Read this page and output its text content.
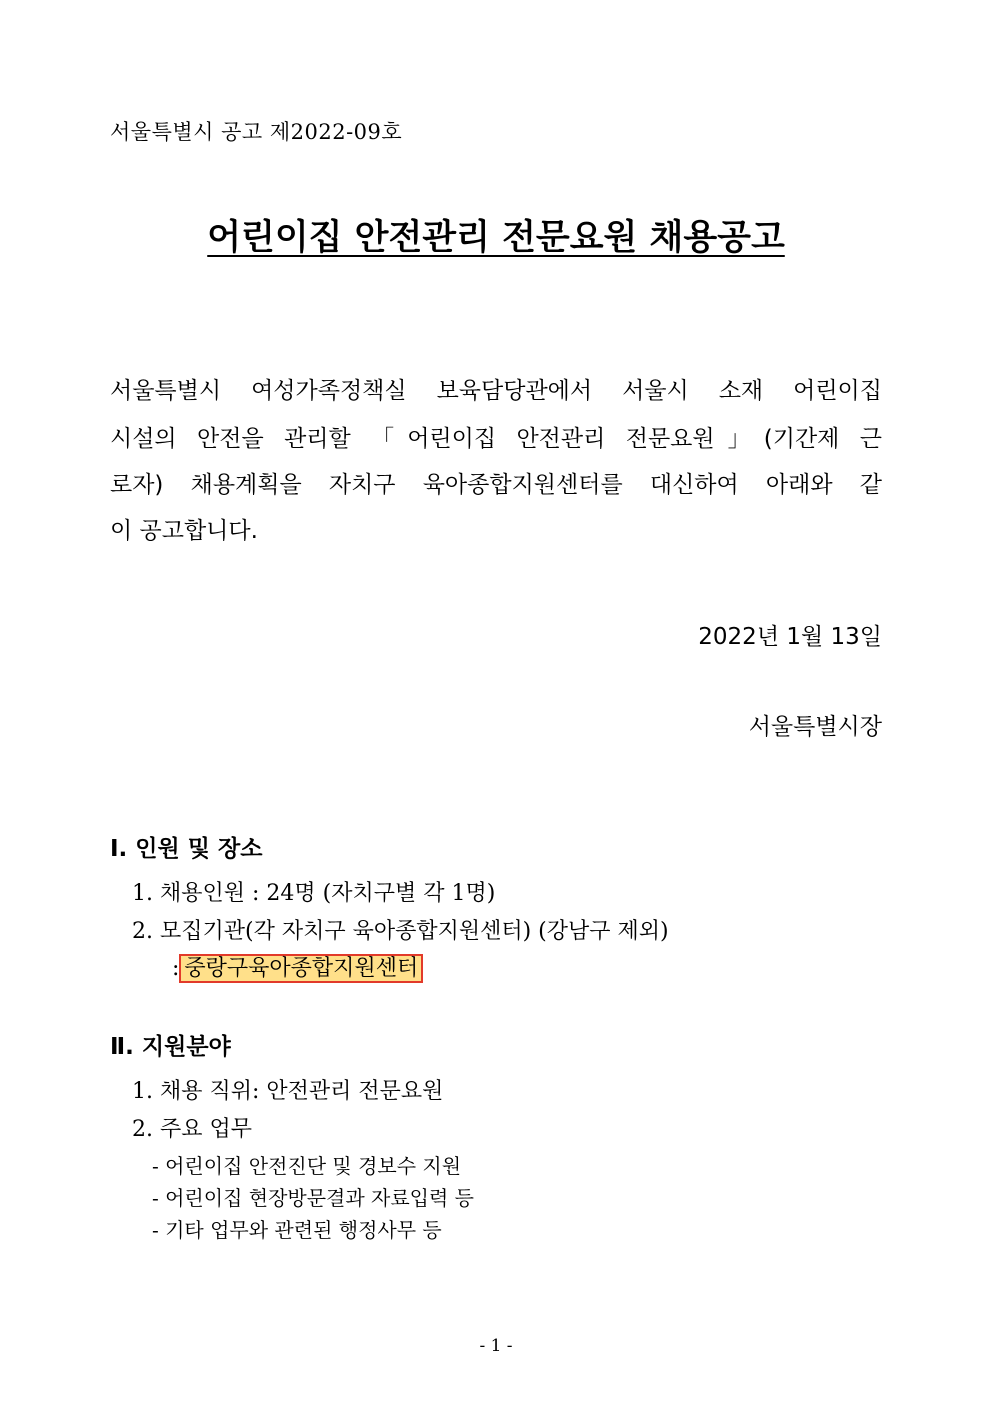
서울특별시 공고 제2022-09호
어린이집 안전관리 전문요원 채용공고
서울특별시 여성가족정책실 보육담당관에서 서울시 소재 어린이집
시설의 안전을 관리할 「어린이집 안전관리 전문요원」(기간제 근
로자) 채용계획을 자치구 육아종합지원센터를 대신하여 아래와 같
이 공고합니다.
2022년 1월 13일
서울특별시장
Ⅰ. 인원 및 장소
1. 채용인원 : 24명 (자치구별 각 1명)
2. 모집기관(각 자치구 육아종합지원센터) (강남구 제외)
: 중랑구육아종합지원센터
Ⅱ. 지원분야
1. 채용 직위: 안전관리 전문요원
2. 주요 업무
- 어린이집 안전진단 및 경보수 지원
- 어린이집 현장방문결과 자료입력 등
- 기타 업무와 관련된 행정사무 등
- 1 -
